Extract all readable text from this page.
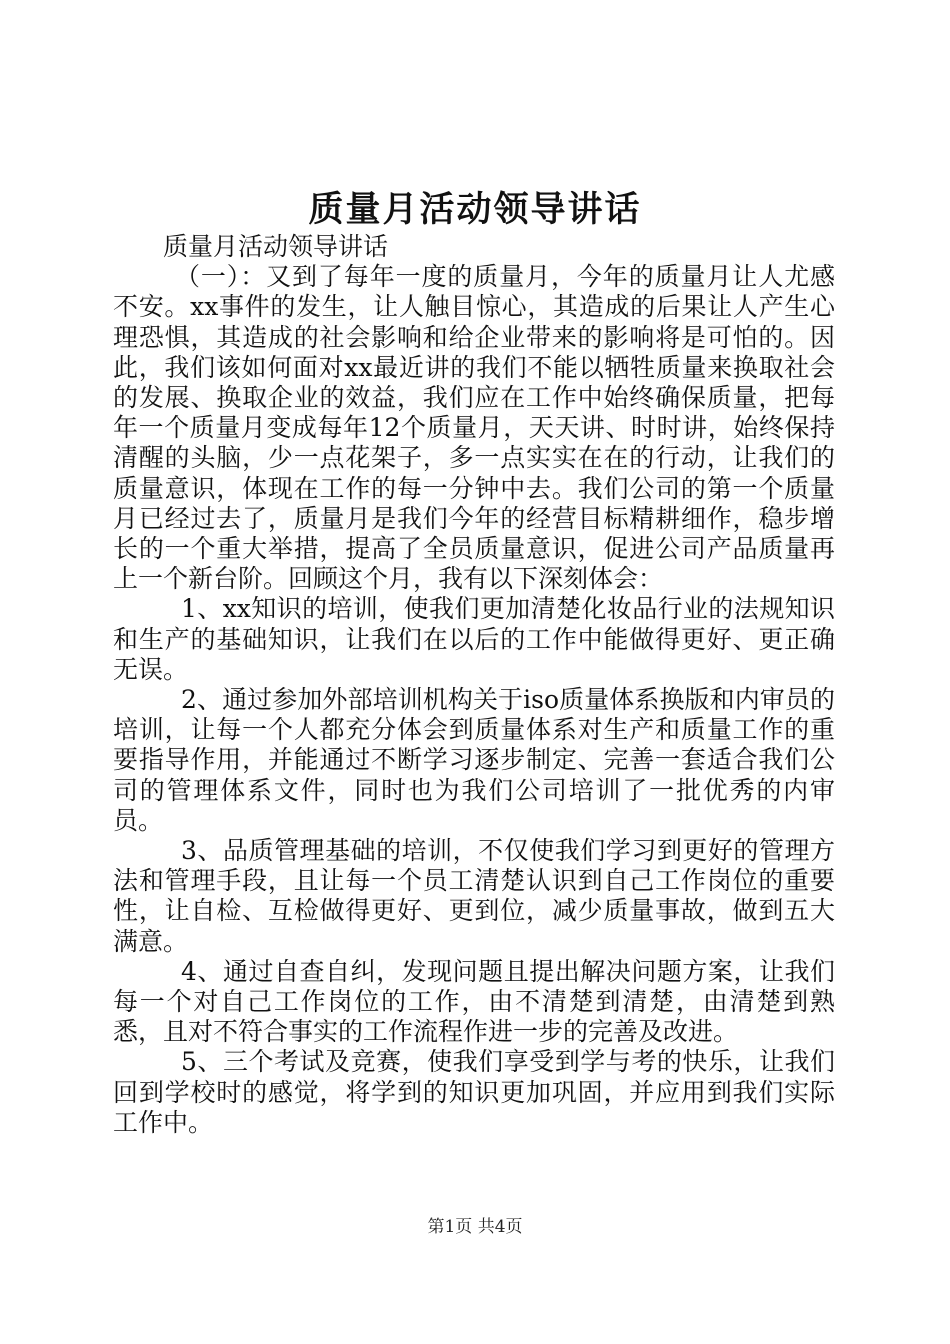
质量月活动领导讲话

质量月活动领导讲话

（一）：又到了每年一度的质量月，今年的质量月让人尤感不安。xx事件的发生，让人触目惊心，其造成的后果让人产生心理恐惧，其造成的社会影响和给企业带来的影响将是可怕的。因此，我们该如何面对xx最近讲的我们不能以牺牲质量来换取社会的发展、换取企业的效益，我们应在工作中始终确保质量，把每年一个质量月变成每年12个质量月，天天讲、时时讲，始终保持清醒的头脑，少一点花架子，多一点实实在在的行动，让我们的质量意识，体现在工作的每一分钟中去。我们公司的第一个质量月已经过去了，质量月是我们今年的经营目标精耕细作，稳步增长的一个重大举措，提高了全员质量意识，促进公司产品质量再上一个新台阶。回顾这个月，我有以下深刻体会：

1、xx知识的培训，使我们更加清楚化妆品行业的法规知识和生产的基础知识，让我们在以后的工作中能做得更好、更正确无误。

2、通过参加外部培训机构关于iso质量体系换版和内审员的培训，让每一个人都充分体会到质量体系对生产和质量工作的重要指导作用，并能通过不断学习逐步制定、完善一套适合我们公司的管理体系文件，同时也为我们公司培训了一批优秀的内审员。

3、品质管理基础的培训，不仅使我们学习到更好的管理方法和管理手段，且让每一个员工清楚认识到自己工作岗位的重要性，让自检、互检做得更好、更到位，减少质量事故，做到五大满意。

4、通过自查自纠，发现问题且提出解决问题方案，让我们每一个对自己工作岗位的工作，由不清楚到清楚，由清楚到熟悉，且对不符合事实的工作流程作进一步的完善及改进。

5、三个考试及竞赛，使我们享受到学与考的快乐，让我们回到学校时的感觉，将学到的知识更加巩固，并应用到我们实际工作中。

第1页 共4页
